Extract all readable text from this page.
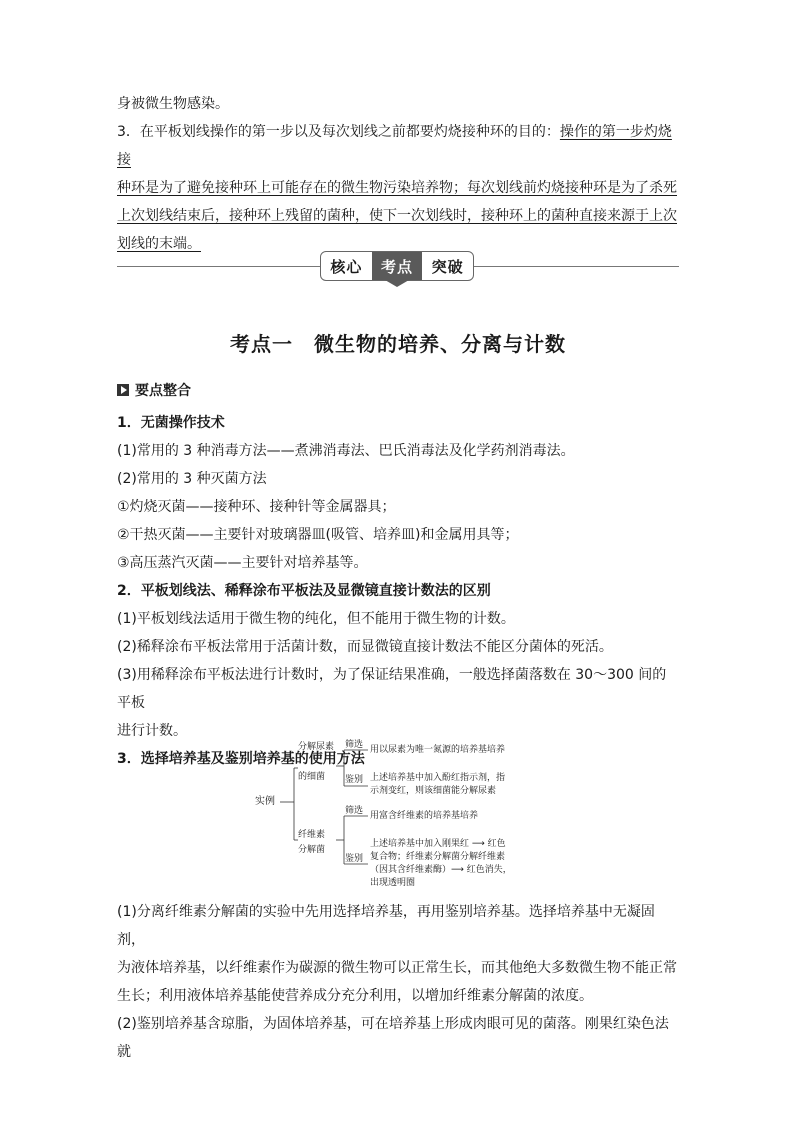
身被微生物感染。

3．在平板划线操作的第一步以及每次划线之前都要灼烧接种环的目的：操作的第一步灼烧接

种环是为了避免接种环上可能存在的微生物污染培养物；每次划线前灼烧接种环是为了杀死

上次划线结束后，接种环上残留的菌种，使下一次划线时，接种环上的菌种直接来源于上次

划线的末端。

核心	考点	突破
考点一　微生物的培养、分离与计数
要点整合

1．无菌操作技术

(1)常用的 3 种消毒方法——煮沸消毒法、巴氏消毒法及化学药剂消毒法。

(2)常用的 3 种灭菌方法

①灼烧灭菌——接种环、接种针等金属器具；

②干热灭菌——主要针对玻璃器皿(吸管、培养皿)和金属用具等；

③高压蒸汽灭菌——主要针对培养基等。

2．平板划线法、稀释涂布平板法及显微镜直接计数法的区别

(1)平板划线法适用于微生物的纯化，但不能用于微生物的计数。

(2)稀释涂布平板法常用于活菌计数，而显微镜直接计数法不能区分菌体的死活。

(3)用稀释涂布平板法进行计数时，为了保证结果准确，一般选择菌落数在 30～300 间的平板

进行计数。

3．选择培养基及鉴别培养基的使用方法

实例
分解尿素
的细菌
纤维素
分解菌
筛选
鉴别
筛选
鉴别
用以尿素为唯一氮源的培养基培养
上述培养基中加入酚红指示剂，指
示剂变红，则该细菌能分解尿素
用富含纤维素的培养基培养
上述培养基中加入刚果红 ⟶ 红色
复合物；纤维素分解菌分解纤维素
（因其含纤维素酶）⟶ 红色消失，
出现透明圈

(1)分离纤维素分解菌的实验中先用选择培养基，再用鉴别培养基。选择培养基中无凝固剂，

为液体培养基，以纤维素作为碳源的微生物可以正常生长，而其他绝大多数微生物不能正常

生长；利用液体培养基能使营养成分充分利用，以增加纤维素分解菌的浓度。

(2)鉴别培养基含琼脂，为固体培养基，可在培养基上形成肉眼可见的菌落。刚果红染色法就
